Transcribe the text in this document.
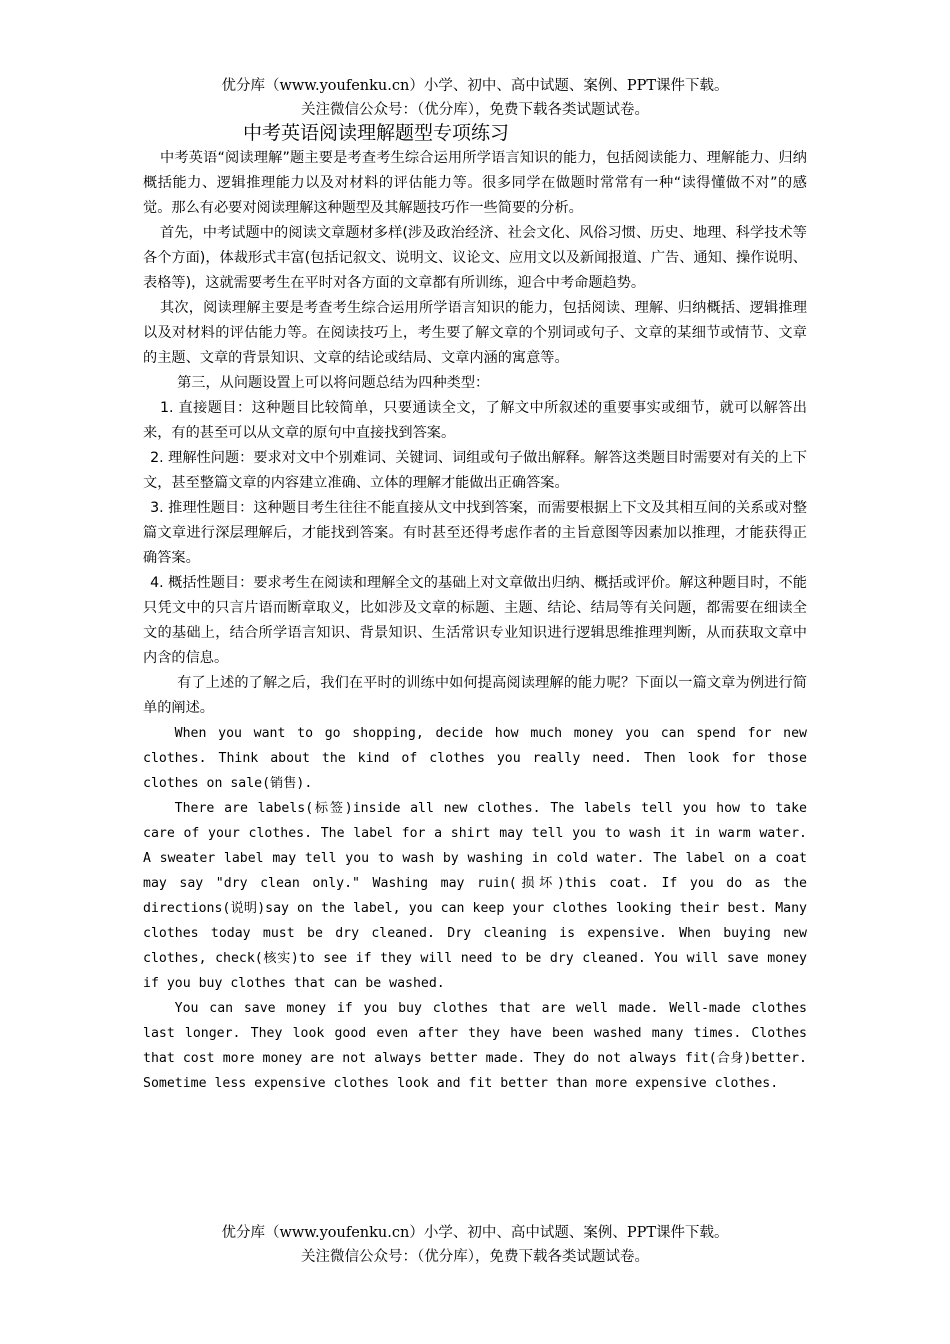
优分库（www.youfenku.cn）小学、初中、高中试题、案例、PPT课件下载。
关注微信公众号：（优分库），免费下载各类试题试卷。
中考英语阅读理解题型专项练习

中考英语“阅读理解”题主要是考查考生综合运用所学语言知识的能力，包括阅读能力、理解能力、归纳概括能力、逻辑推理能力以及对材料的评估能力等。很多同学在做题时常常有一种“读得懂做不对”的感觉。那么有必要对阅读理解这种题型及其解题技巧作一些简要的分析。

首先，中考试题中的阅读文章题材多样(涉及政治经济、社会文化、风俗习惯、历史、地理、科学技术等各个方面)，体裁形式丰富(包括记叙文、说明文、议论文、应用文以及新闻报道、广告、通知、操作说明、表格等)，这就需要考生在平时对各方面的文章都有所训练，迎合中考命题趋势。

其次，阅读理解主要是考查考生综合运用所学语言知识的能力，包括阅读、理解、归纳概括、逻辑推理以及对材料的评估能力等。在阅读技巧上，考生要了解文章的个别词或句子、文章的某细节或情节、文章的主题、文章的背景知识、文章的结论或结局、文章内涵的寓意等。

第三，从问题设置上可以将问题总结为四种类型：

1. 直接题目：这种题目比较简单，只要通读全文，了解文中所叙述的重要事实或细节，就可以解答出来，有的甚至可以从文章的原句中直接找到答案。

2. 理解性问题：要求对文中个别难词、关键词、词组或句子做出解释。解答这类题目时需要对有关的上下文，甚至整篇文章的内容建立准确、立体的理解才能做出正确答案。

3. 推理性题目：这种题目考生往往不能直接从文中找到答案，而需要根据上下文及其相互间的关系或对整篇文章进行深层理解后，才能找到答案。有时甚至还得考虑作者的主旨意图等因素加以推理，才能获得正确答案。

4. 概括性题目：要求考生在阅读和理解全文的基础上对文章做出归纳、概括或评价。解这种题目时，不能只凭文中的只言片语而断章取义，比如涉及文章的标题、主题、结论、结局等有关问题，都需要在细读全文的基础上，结合所学语言知识、背景知识、生活常识专业知识进行逻辑思维推理判断，从而获取文章中内含的信息。

有了上述的了解之后，我们在平时的训练中如何提高阅读理解的能力呢？下面以一篇文章为例进行简单的阐述。

When you want to go shopping, decide how much money you can spend for new clothes. Think about the kind of clothes you really need. Then look for those clothes on sale(销售).

There are labels(标签)inside all new clothes. The labels tell you how to take care of your clothes. The label for a shirt may tell you to wash it in warm water. A sweater label may tell you to wash by washing in cold water. The label on a coat may say "dry clean only." Washing may ruin(损坏)this coat. If you do as the directions(说明)say on the label, you can keep your clothes looking their best. Many clothes today must be dry cleaned. Dry cleaning is expensive. When buying new clothes, check(核实)to see if they will need to be dry cleaned. You will save money if you buy clothes that can be washed.

You can save money if you buy clothes that are well made. Well-made clothes last longer. They look good even after they have been washed many times. Clothes that cost more money are not always better made. They do not always fit(合身)better. Sometime less expensive clothes look and fit better than more expensive clothes.

优分库（www.youfenku.cn）小学、初中、高中试题、案例、PPT课件下载。
关注微信公众号：（优分库），免费下载各类试题试卷。
